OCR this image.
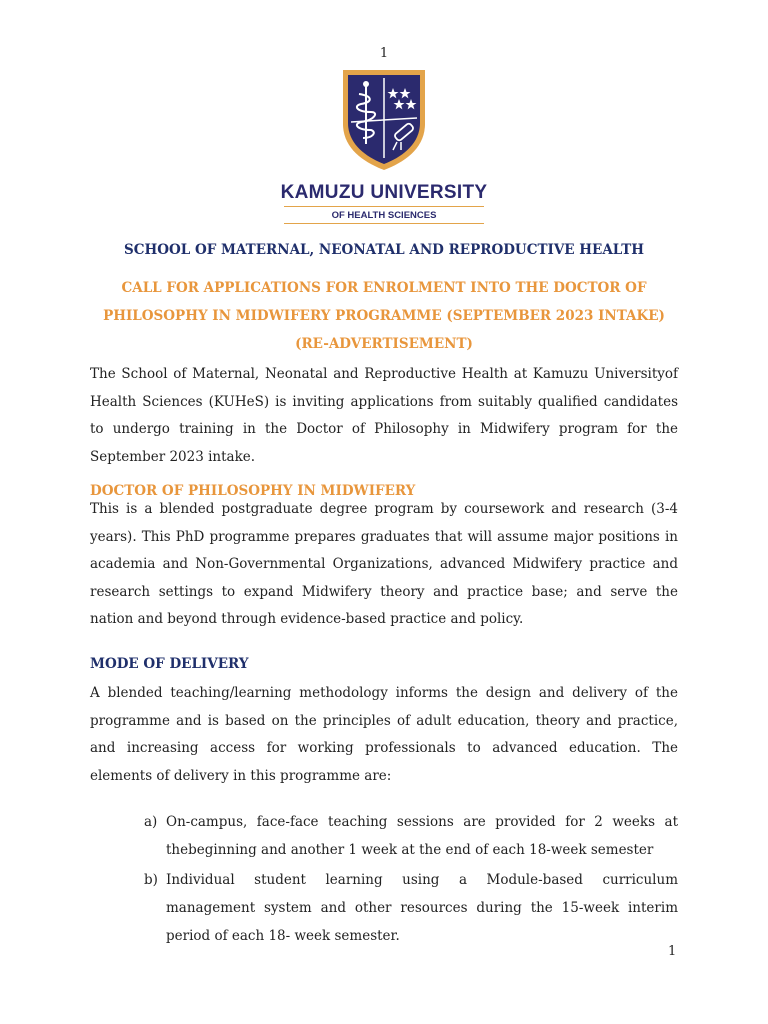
1
KAMUZU UNIVERSITY
OF HEALTH SCIENCES
SCHOOL OF MATERNAL, NEONATAL AND REPRODUCTIVE HEALTH
CALL FOR APPLICATIONS FOR ENROLMENT INTO THE DOCTOR OF PHILOSOPHY IN MIDWIFERY PROGRAMME (SEPTEMBER 2023 INTAKE) (RE-ADVERTISEMENT)
The School of Maternal, Neonatal and Reproductive Health at Kamuzu Universityof Health Sciences (KUHeS) is inviting applications from suitably qualified candidates to undergo training in the Doctor of Philosophy in Midwifery program for the September 2023 intake.
DOCTOR OF PHILOSOPHY IN MIDWIFERY
This is a blended postgraduate degree program by coursework and research (3-4 years). This PhD programme prepares graduates that will assume major positions in academia and Non-Governmental Organizations, advanced Midwifery practice and research settings to expand Midwifery theory and practice base; and serve the nation and beyond through evidence-based practice and policy.
MODE OF DELIVERY
A blended teaching/learning methodology informs the design and delivery of the programme and is based on the principles of adult education, theory and practice, and increasing access for working professionals to advanced education. The elements of delivery in this programme are:
a) On-campus, face-face teaching sessions are provided for 2 weeks at thebeginning and another 1 week at the end of each 18-week semester
b) Individual student learning using a Module-based curriculum management system and other resources during the 15-week interim period of each 18- week semester.
1
